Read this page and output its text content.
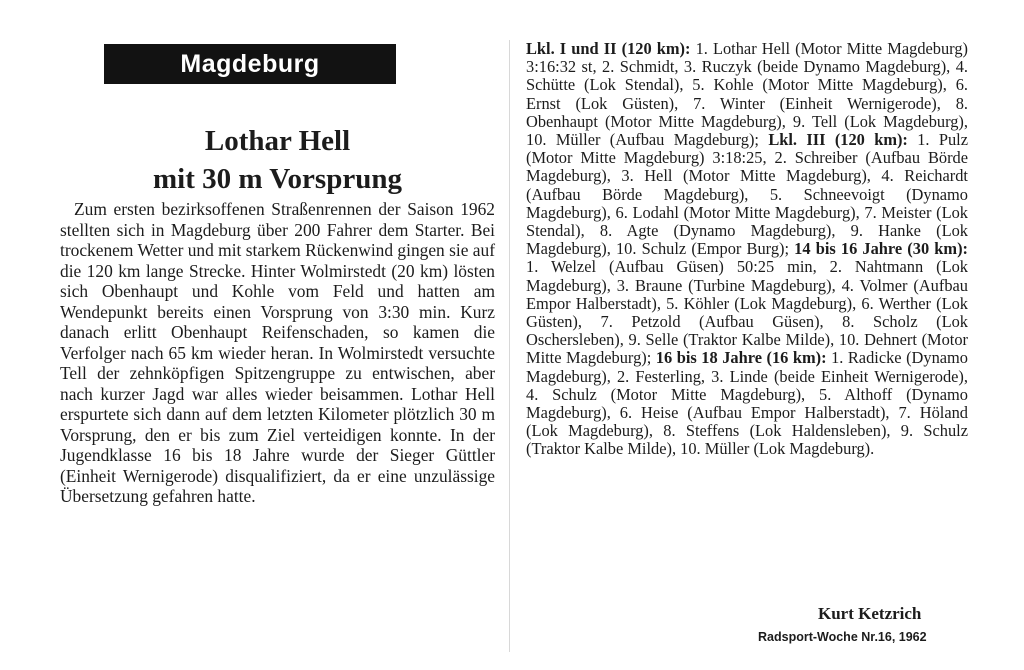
Magdeburg
Lothar Hell
mit 30 m Vorsprung

Zum ersten bezirksoffenen Straßenrennen der Saison 1962 stellten sich in Magdeburg über 200 Fahrer dem Starter. Bei trockenem Wetter und mit starkem Rückenwind gingen sie auf die 120 km lange Strecke. Hinter Wolmirstedt (20 km) lösten sich Obenhaupt und Kohle vom Feld und hatten am Wendepunkt bereits einen Vorsprung von 3:30 min. Kurz danach erlitt Obenhaupt Reifenschaden, so kamen die Verfolger nach 65 km wieder heran. In Wolmirstedt versuchte Tell der zehnköpfigen Spitzengruppe zu entwischen, aber nach kurzer Jagd war alles wieder beisammen. Lothar Hell erspurtete sich dann auf dem letzten Kilometer plötzlich 30 m Vorsprung, den er bis zum Ziel verteidigen konnte. In der Jugendklasse 16 bis 18 Jahre wurde der Sieger Güttler (Einheit Wernigerode) disqualifiziert, da er eine unzulässige Übersetzung gefahren hatte.

Lkl. I und II (120 km): 1. Lothar Hell (Motor Mitte Magdeburg) 3:16:32 st, 2. Schmidt, 3. Ruczyk (beide Dynamo Magdeburg), 4. Schütte (Lok Stendal), 5. Kohle (Motor Mitte Magdeburg), 6. Ernst (Lok Güsten), 7. Winter (Einheit Wernigerode), 8. Obenhaupt (Motor Mitte Magdeburg), 9. Tell (Lok Magdeburg), 10. Müller (Aufbau Magdeburg); Lkl. III (120 km): 1. Pulz (Motor Mitte Magdeburg) 3:18:25, 2. Schreiber (Aufbau Börde Magdeburg), 3. Hell (Motor Mitte Magdeburg), 4. Reichardt (Aufbau Börde Magdeburg), 5. Schneevoigt (Dynamo Magdeburg), 6. Lodahl (Motor Mitte Magdeburg), 7. Meister (Lok Stendal), 8. Agte (Dynamo Magdeburg), 9. Hanke (Lok Magdeburg), 10. Schulz (Empor Burg); 14 bis 16 Jahre (30 km): 1. Welzel (Aufbau Güsen) 50:25 min, 2. Nahtmann (Lok Magdeburg), 3. Braune (Turbine Magdeburg), 4. Volmer (Aufbau Empor Halberstadt), 5. Köhler (Lok Magdeburg), 6. Werther (Lok Güsten), 7. Petzold (Aufbau Güsen), 8. Scholz (Lok Oschersleben), 9. Selle (Traktor Kalbe Milde), 10. Dehnert (Motor Mitte Magdeburg); 16 bis 18 Jahre (16 km): 1. Radicke (Dynamo Magdeburg), 2. Festerling, 3. Linde (beide Einheit Wernigerode), 4. Schulz (Motor Mitte Magdeburg), 5. Althoff (Dynamo Magdeburg), 6. Heise (Aufbau Empor Halberstadt), 7. Höland (Lok Magdeburg), 8. Steffens (Lok Haldensleben), 9. Schulz (Traktor Kalbe Milde), 10. Müller (Lok Magdeburg).
Kurt Ketzrich
Radsport-Woche Nr.16, 1962
